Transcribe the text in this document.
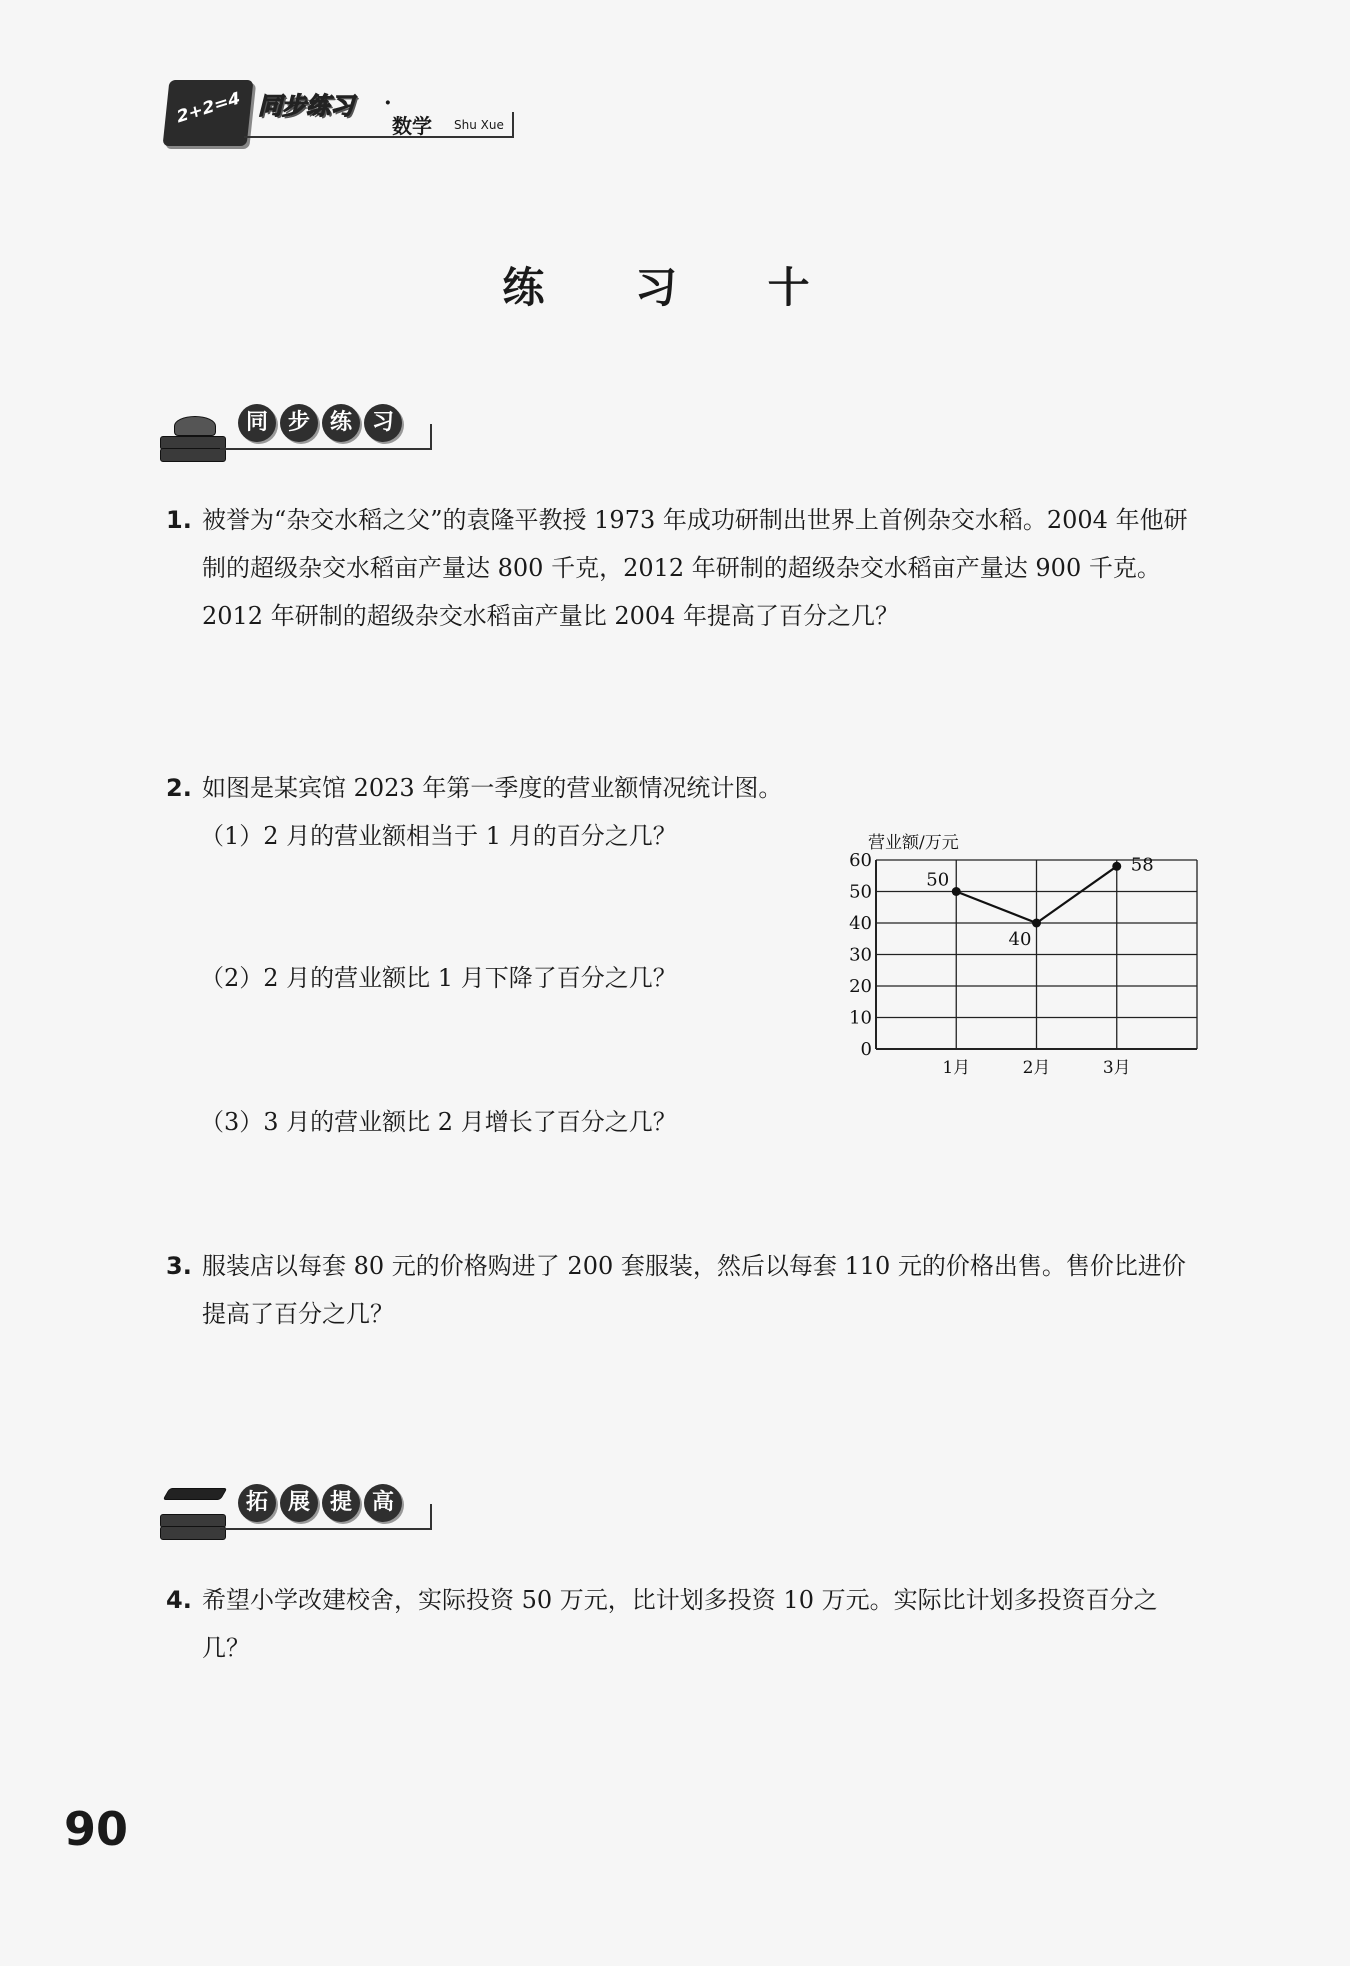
2+2=4 同步练习 ·
数学 Shu Xue
练 习 十
同 步 练 习
1. 被誉为“杂交水稻之父”的袁隆平教授 1973 年成功研制出世界上首例杂交水稻。2004 年他研制的超级杂交水稻亩产量达 800 千克，2012 年研制的超级杂交水稻亩产量达 900 千克。2012 年研制的超级杂交水稻亩产量比 2004 年提高了百分之几？
2. 如图是某宾馆 2023 年第一季度的营业额情况统计图。
（1）2 月的营业额相当于 1 月的百分之几？
（2）2 月的营业额比 1 月下降了百分之几？
（3）3 月的营业额比 2 月增长了百分之几？
营业额/万元
0
10
20
30
40
50
60
1月	2月	3月
50
40
58
3. 服装店以每套 80 元的价格购进了 200 套服装，然后以每套 110 元的价格出售。售价比进价提高了百分之几？
拓 展 提 高
4. 希望小学改建校舍，实际投资 50 万元，比计划多投资 10 万元。实际比计划多投资百分之几？
90
